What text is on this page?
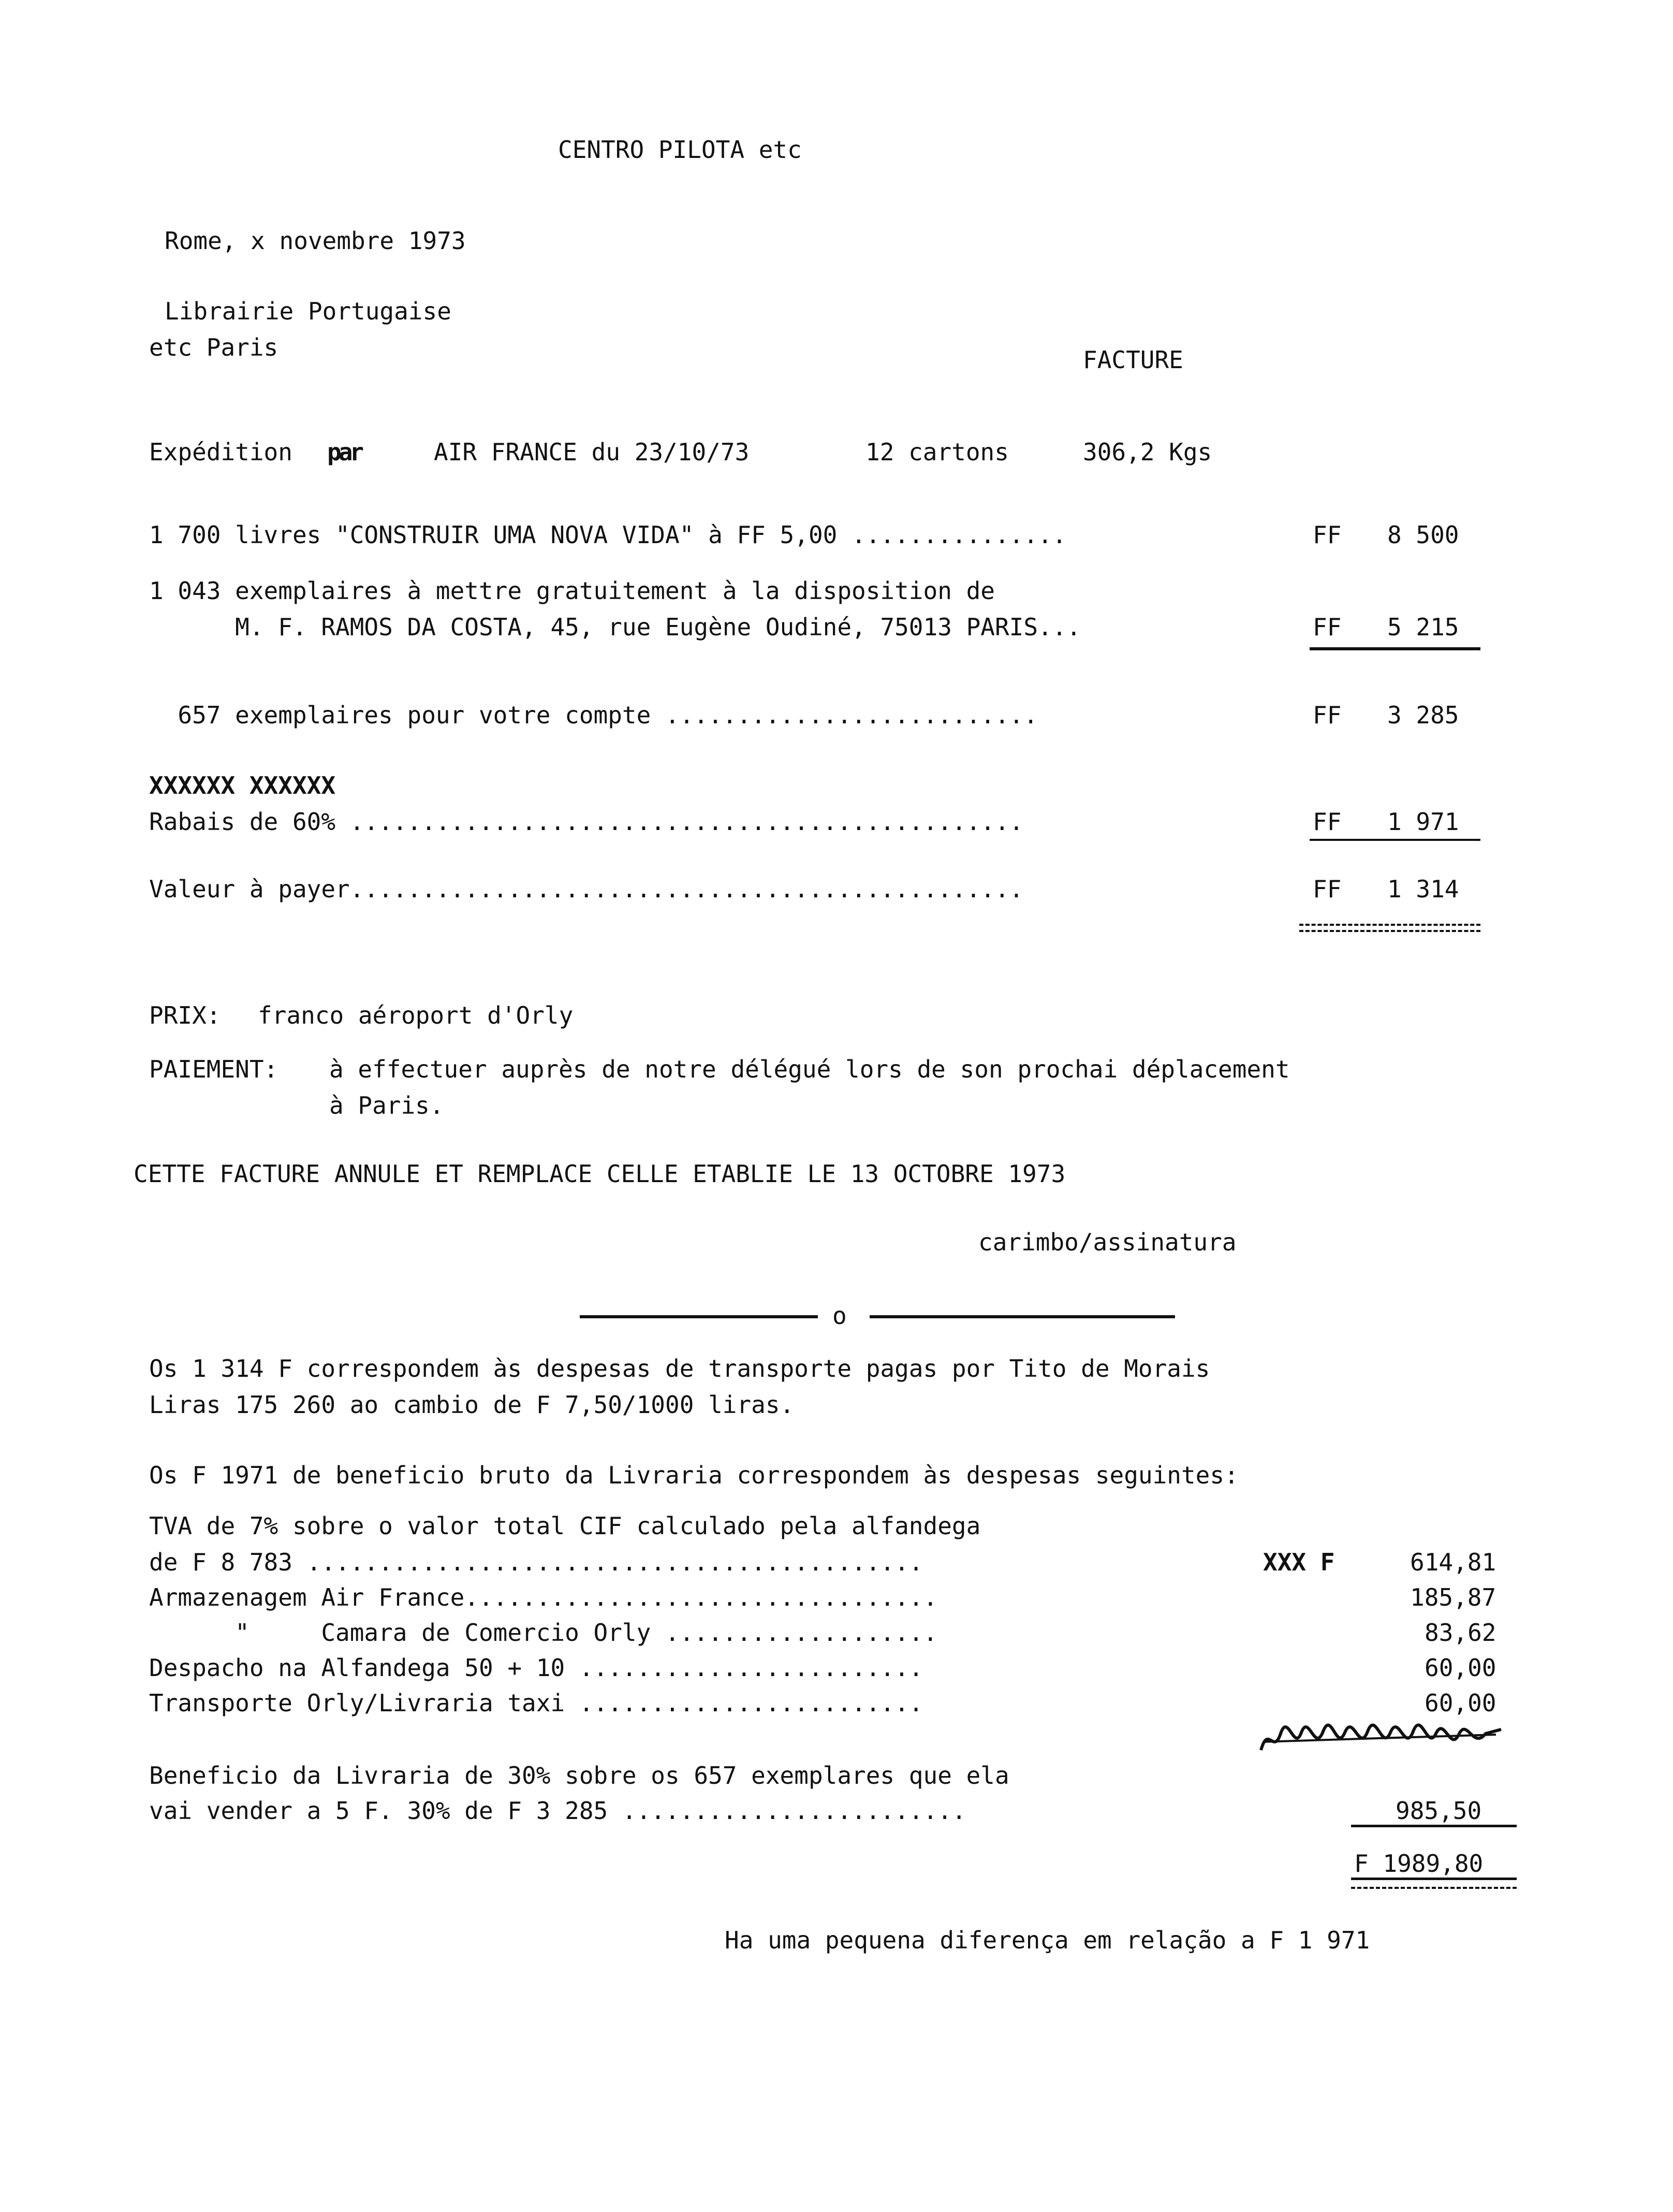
CENTRO PILOTA etc
Rome, x novembre 1973
Librairie Portugaise
etc Paris	FACTURE
Expédition par	AIR FRANCE du 23/10/73	12 cartons	306,2 Kgs
1 700 livres "CONSTRUIR UMA NOVA VIDA" à FF 5,00 ...............	FF 8 500
1 043 exemplaires à mettre gratuitement à la disposition de
M. F. RAMOS DA COSTA, 45, rue Eugène Oudiné, 75013 PARIS...	FF 5 215
657 exemplaires pour votre compte ..........................	FF 3 285
XXXXXX XXXXXX
Rabais de 60% ...............................................	FF 1 971
Valeur à payer...............................................	FF 1 314
PRIX: franco aéroport d'Orly
PAIEMENT: à effectuer auprès de notre délégué lors de son prochai déplacement
à Paris.
CETTE FACTURE ANNULE ET REMPLACE CELLE ETABLIE LE 13 OCTOBRE 1973
carimbo/assinatura
o
Os 1 314 F correspondem às despesas de transporte pagas por Tito de Morais
Liras 175 260 ao cambio de F 7,50/1000 liras.
Os F 1971 de beneficio bruto da Livraria correspondem às despesas seguintes:
TVA de 7% sobre o valor total CIF calculado pela alfandega
de F 8 783 ...........................................	XXX F	614,81
Armazenagem Air France.................................	185,87
"     Camara de Comercio Orly ...................	83,62
Despacho na Alfandega 50 + 10 ........................	60,00
Transporte Orly/Livraria taxi ........................	60,00
Beneficio da Livraria de 30% sobre os 657 exemplares que ela
vai vender a 5 F. 30% de F 3 285 ........................	985,50
F 1989,80
Ha uma pequena diferença em relação a F 1 971
